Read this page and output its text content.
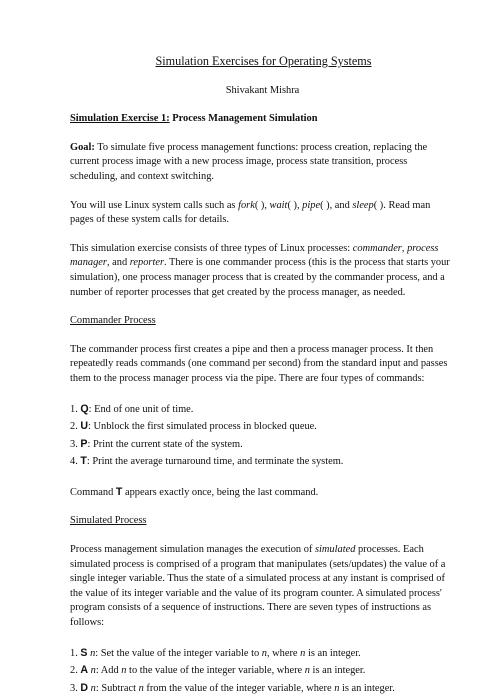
Simulation Exercises for Operating Systems
Shivakant Mishra
Simulation Exercise 1: Process Management Simulation

Goal: To simulate five process management functions: process creation, replacing the current process image with a new process image, process state transition, process scheduling, and context switching.

You will use Linux system calls such as fork( ), wait( ), pipe( ), and sleep( ). Read man pages of these system calls for details.

This simulation exercise consists of three types of Linux processes: commander, process manager, and reporter. There is one commander process (this is the process that starts your simulation), one process manager process that is created by the commander process, and a number of reporter processes that get created by the process manager, as needed.

Commander Process

The commander process first creates a pipe and then a process manager process. It then repeatedly reads commands (one command per second) from the standard input and passes them to the process manager process via the pipe. There are four types of commands:

1. Q: End of one unit of time.
2. U: Unblock the first simulated process in blocked queue.
3. P: Print the current state of the system.
4. T: Print the average turnaround time, and terminate the system.

Command T appears exactly once, being the last command.

Simulated Process

Process management simulation manages the execution of simulated processes. Each simulated process is comprised of a program that manipulates (sets/updates) the value of a single integer variable. Thus the state of a simulated process at any instant is comprised of the value of its integer variable and the value of its program counter. A simulated process' program consists of a sequence of instructions. There are seven types of instructions as follows:

1. S n: Set the value of the integer variable to n, where n is an integer.
2. A n: Add n to the value of the integer variable, where n is an integer.
3. D n: Subtract n from the value of the integer variable, where n is an integer.
